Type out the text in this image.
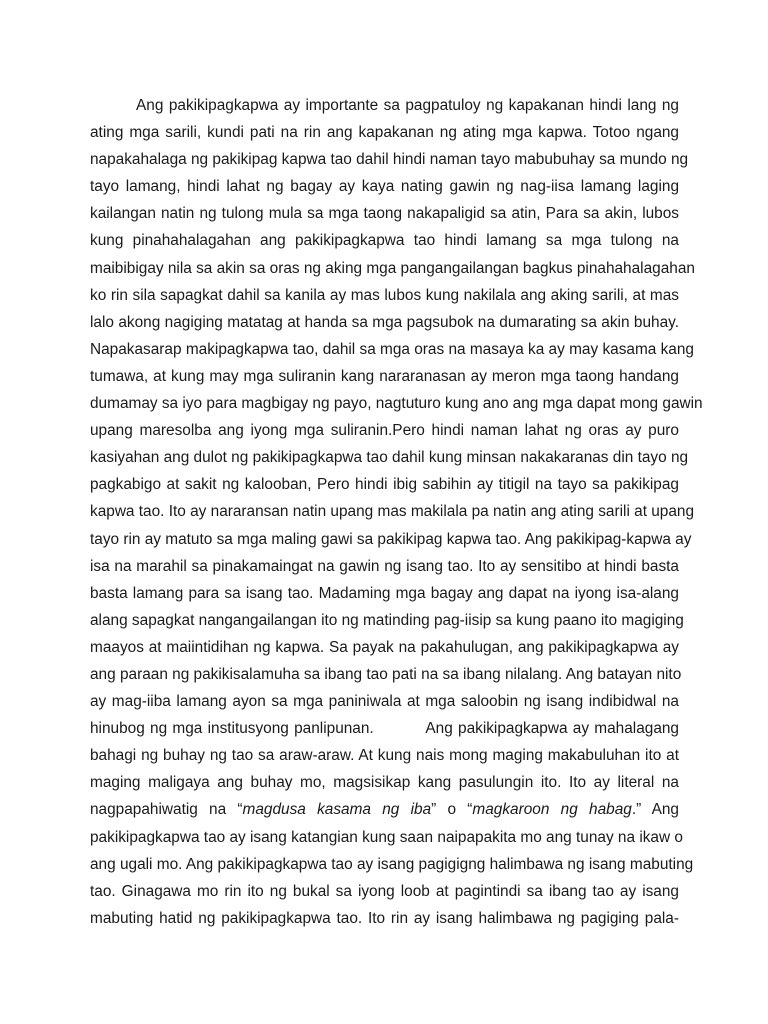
Ang pakikipagkapwa ay importante sa pagpatuloy ng kapakanan hindi lang ng
ating mga sarili, kundi pati na rin ang kapakanan ng ating mga kapwa. Totoo ngang
napakahalaga ng pakikipag kapwa tao dahil hindi naman tayo mabubuhay sa mundo ng
tayo lamang, hindi lahat ng bagay ay kaya nating gawin ng nag-iisa lamang laging
kailangan natin ng tulong mula sa mga taong nakapaligid sa atin, Para sa akin, lubos
kung pinahahalagahan ang pakikipagkapwa tao hindi lamang sa mga tulong na
maibibigay nila sa akin sa oras ng aking mga pangangailangan bagkus pinahahalagahan
ko rin sila sapagkat dahil sa kanila ay mas lubos kung nakilala ang aking sarili, at mas
lalo akong nagiging matatag at handa sa mga pagsubok na dumarating sa akin buhay.
Napakasarap makipagkapwa tao, dahil sa mga oras na masaya ka ay may kasama kang
tumawa, at kung may mga suliranin kang nararanasan ay meron mga taong handang
dumamay sa iyo para magbigay ng payo, nagtuturo kung ano ang mga dapat mong gawin
upang maresolba ang iyong mga suliranin.Pero hindi naman lahat ng oras ay puro
kasiyahan ang dulot ng pakikipagkapwa tao dahil kung minsan nakakaranas din tayo ng
pagkabigo at sakit ng kalooban, Pero hindi ibig sabihin ay titigil na tayo sa pakikipag
kapwa tao. Ito ay nararansan natin upang mas makilala pa natin ang ating sarili at upang
tayo rin ay matuto sa mga maling gawi sa pakikipag kapwa tao. Ang pakikipag-kapwa ay
isa na marahil sa pinakamaingat na gawin ng isang tao. Ito ay sensitibo at hindi basta
basta lamang para sa isang tao. Madaming mga bagay ang dapat na iyong isa-alang
alang sapagkat nangangailangan ito ng matinding pag-iisip sa kung paano ito magiging
maayos at maiintidihan ng kapwa. Sa payak na pakahulugan, ang pakikipagkapwa ay
ang paraan ng pakikisalamuha sa ibang tao pati na sa ibang nilalang. Ang batayan nito
ay mag-iiba lamang ayon sa mga paniniwala at mga saloobin ng isang indibidwal na
hinubog ng mga institusyong panlipunan.          Ang pakikipagkapwa ay mahalagang
bahagi ng buhay ng tao sa araw-araw. At kung nais mong maging makabuluhan ito at
maging maligaya ang buhay mo, magsisikap kang pasulungin ito. Ito ay literal na
nagpapahiwatig na “magdusa kasama ng iba” o “magkaroon ng habag.” Ang
pakikipagkapwa tao ay isang katangian kung saan naipapakita mo ang tunay na ikaw o
ang ugali mo. Ang pakikipagkapwa tao ay isang pagigigng halimbawa ng isang mabuting
tao. Ginagawa mo rin ito ng bukal sa iyong loob at pagintindi sa ibang tao ay isang
mabuting hatid ng pakikipagkapwa tao. Ito rin ay isang halimbawa ng pagiging pala-
